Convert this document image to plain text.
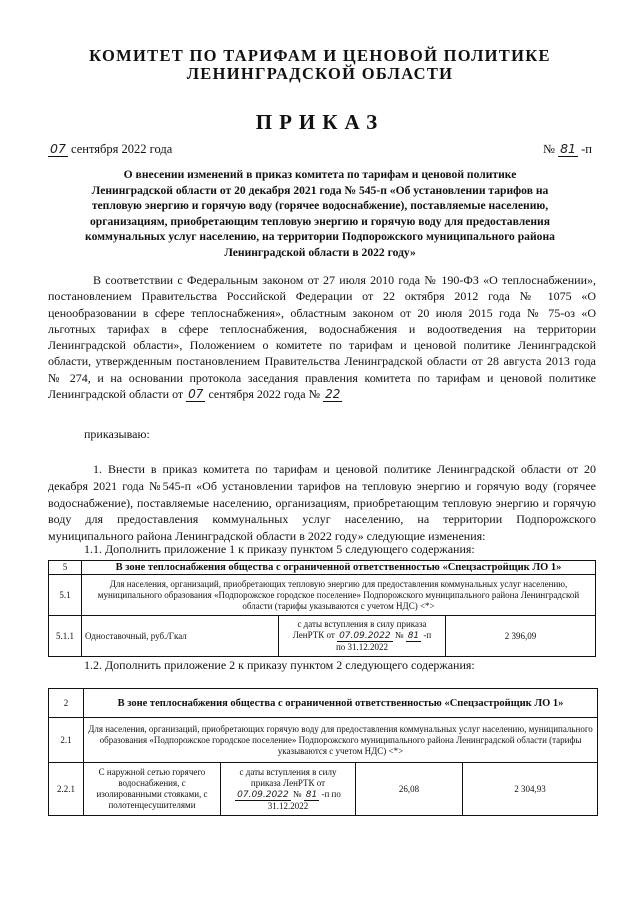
КОМИТЕТ ПО ТАРИФАМ И ЦЕНОВОЙ ПОЛИТИКЕ
ЛЕНИНГРАДСКОЙ ОБЛАСТИ
ПРИКАЗ
07 сентября 2022 года	№ 81 -п
О внесении изменений в приказ комитета по тарифам и ценовой политике
Ленинградской области от 20 декабря 2021 года № 545-п «Об установлении тарифов на
тепловую энергию и горячую воду (горячее водоснабжение), поставляемые населению,
организациям, приобретающим тепловую энергию и горячую воду для предоставления
коммунальных услуг населению, на территории Подпорожского муниципального района
Ленинградской области в 2022 году»
В соответствии с Федеральным законом от 27 июля 2010 года № 190-ФЗ «О теплоснабжении», постановлением Правительства Российской Федерации от 22 октября 2012 года № 1075 «О ценообразовании в сфере теплоснабжения», областным законом от 20 июля 2015 года № 75-оз «О льготных тарифах в сфере теплоснабжения, водоснабжения и водоотведения на территории Ленинградской области», Положением о комитете по тарифам и ценовой политике Ленинградской области, утвержденным постановлением Правительства Ленинградской области от 28 августа 2013 года № 274, и на основании протокола заседания правления комитета по тарифам и ценовой политике Ленинградской области от 07 сентября 2022 года № 22
приказываю:
1. Внести в приказ комитета по тарифам и ценовой политике Ленинградской области от 20 декабря 2021 года №545-п «Об установлении тарифов на тепловую энергию и горячую воду (горячее водоснабжение), поставляемые населению, организациям, приобретающим тепловую энергию и горячую воду для предоставления коммунальных услуг населению, на территории Подпорожского муниципального района Ленинградской области в 2022 году» следующие изменения:
1.1. Дополнить приложение 1 к приказу пунктом 5 следующего содержания:
5	В зоне теплоснабжения общества с ограниченной ответственностью «Спецзастройщик ЛО 1»		
5.1	Для населения, организаций, приобретающих тепловую энергию для предоставления коммунальных услуг населению, муниципального образования «Подпорожское городское поселение» Подпорожского муниципального района Ленинградской области (тарифы указываются с учетом НДС) <*>		
5.1.1	Одноставочный, руб./Гкал	с даты вступления в силу приказа
ЛенРТК от 07.09.2022 № 81 -п
по 31.12.2022	2 396,09
1.2. Дополнить приложение 2 к приказу пунктом 2 следующего содержания:
2	В зоне теплоснабжения общества с ограниченной ответственностью «Спецзастройщик ЛО 1»			
2.1	Для населения, организаций, приобретающих горячую воду для предоставления коммунальных услуг населению, муниципального образования «Подпорожское городское поселение» Подпорожского муниципального района Ленинградской области (тарифы указываются с учетом НДС) <*>			
2.2.1	С наружной сетью горячего водоснабжения, с изолированными стояками, с полотенцесушителями	с даты вступления в силу приказа ЛенРТК от
07.09.2022 № 81 -п по
31.12.2022	26,08	2 304,93
